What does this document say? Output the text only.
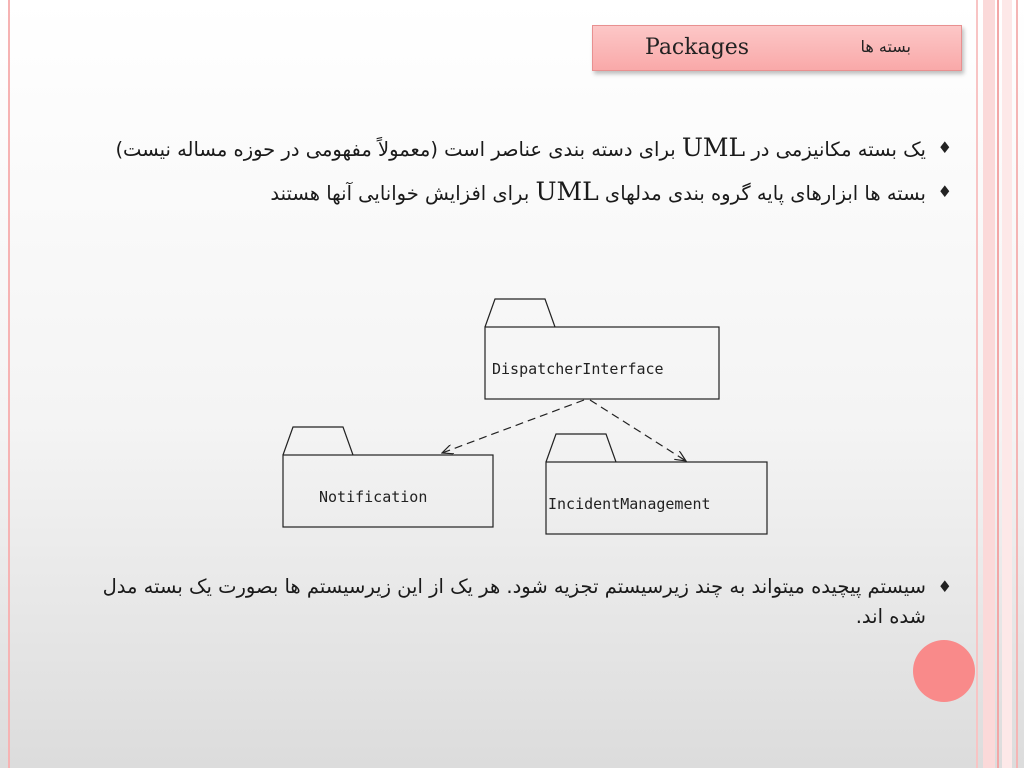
Packages	بسته ها
♦
یک بسته مکانیزمی در UML برای دسته بندی عناصر است (معمولاً مفهومی در حوزه مساله نیست)
♦
بسته ها ابزارهای پایه گروه بندی مدلهای UML برای افزایش خوانایی آنها هستند
DispatcherInterface
Notification	IncidentManagement
♦
سیستم پیچیده میتواند به چند زیرسیستم تجزیه شود. هر یک از این زیرسیستم ها بصورت یک بسته مدل شده اند.
